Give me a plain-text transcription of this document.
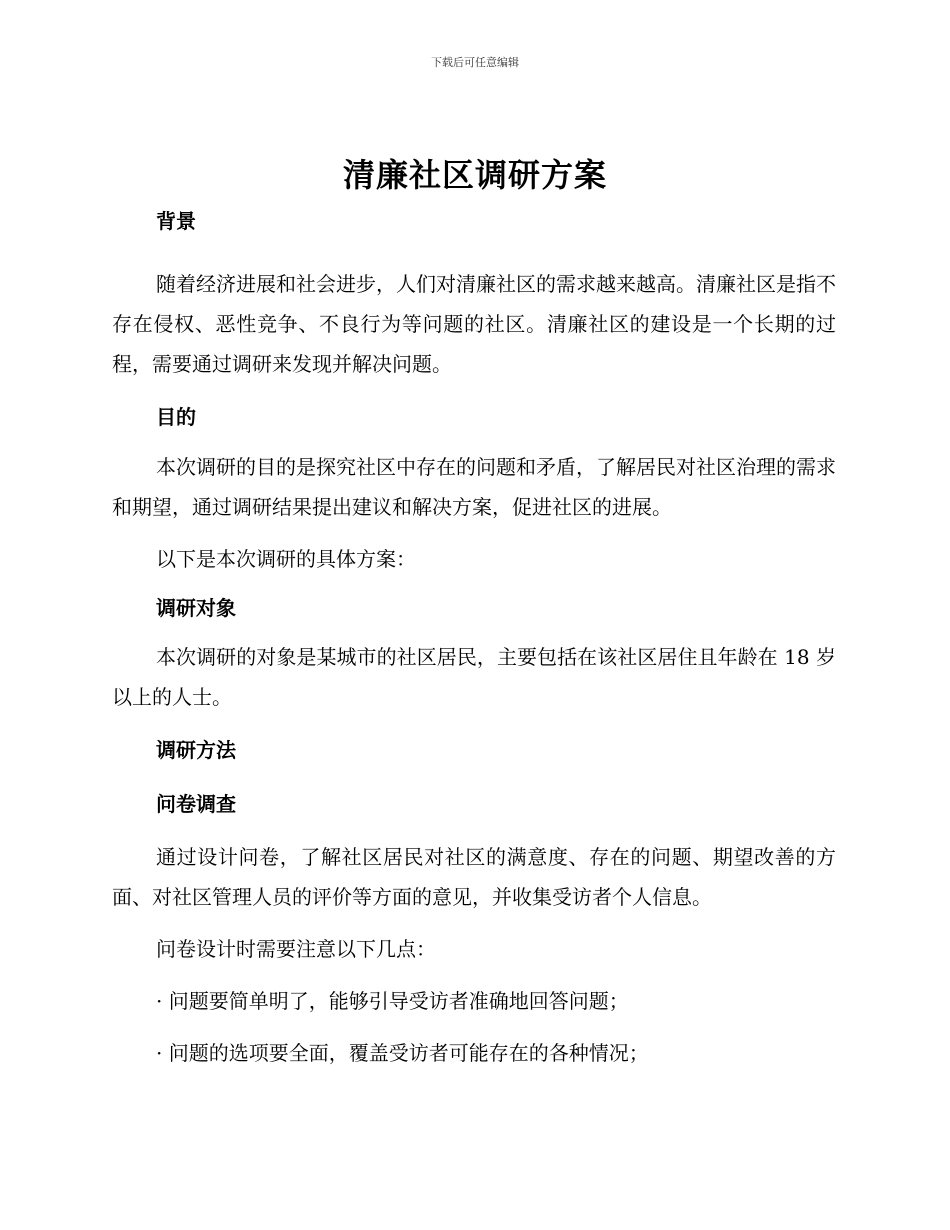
下载后可任意编辑
清廉社区调研方案

背景

随着经济进展和社会进步，人们对清廉社区的需求越来越高。清廉社区是指不存在侵权、恶性竞争、不良行为等问题的社区。清廉社区的建设是一个长期的过程，需要通过调研来发现并解决问题。

目的

本次调研的目的是探究社区中存在的问题和矛盾，了解居民对社区治理的需求和期望，通过调研结果提出建议和解决方案，促进社区的进展。

以下是本次调研的具体方案：

调研对象

本次调研的对象是某城市的社区居民，主要包括在该社区居住且年龄在 18 岁以上的人士。

调研方法

问卷调查

通过设计问卷，了解社区居民对社区的满意度、存在的问题、期望改善的方面、对社区管理人员的评价等方面的意见，并收集受访者个人信息。

问卷设计时需要注意以下几点：

· 问题要简单明了，能够引导受访者准确地回答问题；

· 问题的选项要全面，覆盖受访者可能存在的各种情况；
